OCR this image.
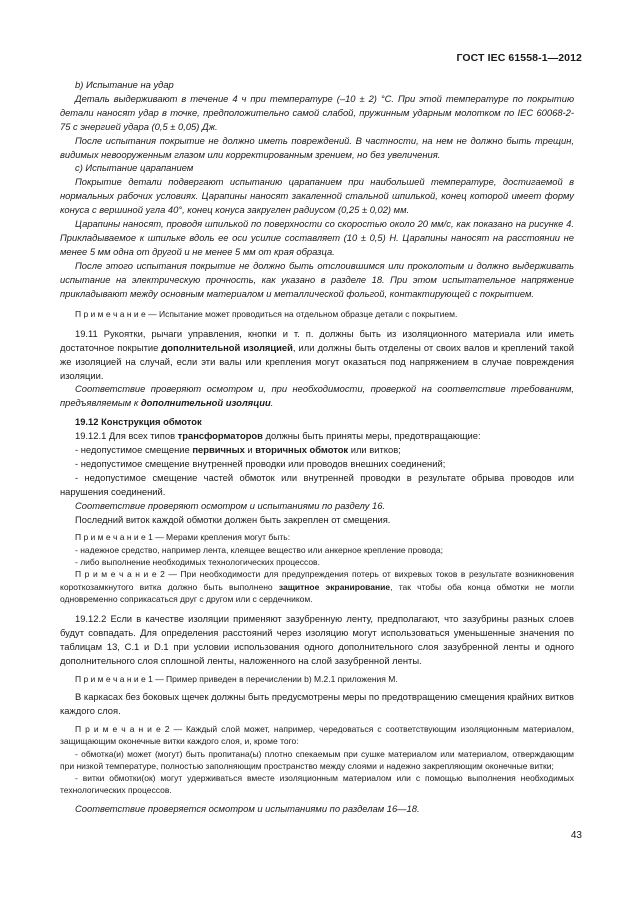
ГОСТ IEC 61558-1—2012

b) Испытание на удар

Деталь выдерживают в течение 4 ч при температуре (–10 ± 2) °С. При этой температуре по покрытию детали наносят удар в точке, предположительно самой слабой, пружинным ударным молотком по IEC 60068-2-75 с энергией удара (0,5 ± 0,05) Дж.

После испытания покрытие не должно иметь повреждений. В частности, на нем не должно быть трещин, видимых невооруженным глазом или корректированным зрением, но без увеличения.

c) Испытание царапанием

Покрытие детали подвергают испытанию царапанием при наибольшей температуре, достигаемой в нормальных рабочих условиях. Царапины наносят закаленной стальной шпилькой, конец которой имеет форму конуса с вершиной угла 40°, конец конуса закруглен радиусом (0,25 ± 0,02) мм.

Царапины наносят, проводя шпилькой по поверхности со скоростью около 20 мм/с, как показано на рисунке 4. Прикладываемое к шпильке вдоль ее оси усилие составляет (10 ± 0,5) Н. Царапины наносят на расстоянии не менее 5 мм одна от другой и не менее 5 мм от края образца.

После этого испытания покрытие не должно быть отслоившимся или проколотым и должно выдерживать испытание на электрическую прочность, как указано в разделе 18. При этом испытательное напряжение прикладывают между основным материалом и металлической фольгой, контактирующей с покрытием.

П р и м е ч а н и е — Испытание может проводиться на отдельном образце детали с покрытием.

19.11 Рукоятки, рычаги управления, кнопки и т. п. должны быть из изоляционного материала или иметь достаточное покрытие дополнительной изоляцией, или должны быть отделены от своих валов и креплений такой же изоляцией на случай, если эти валы или крепления могут оказаться под напряжением в случае повреждения изоляции.

Соответствие проверяют осмотром и, при необходимости, проверкой на соответствие требованиям, предъявляемым к дополнительной изоляции.

19.12 Конструкция обмоток

19.12.1 Для всех типов трансформаторов должны быть приняты меры, предотвращающие:

- недопустимое смещение первичных и вторичных обмоток или витков;

- недопустимое смещение внутренней проводки или проводов внешних соединений;

- недопустимое смещение частей обмоток или внутренней проводки в результате обрыва проводов или нарушения соединений.

Соответствие проверяют осмотром и испытаниями по разделу 16.

Последний виток каждой обмотки должен быть закреплен от смещения.

П р и м е ч а н и е 1 — Мерами крепления могут быть:

- надежное средство, например лента, клеящее вещество или анкерное крепление провода;

- либо выполнение необходимых технологических процессов.

П р и м е ч а н и е 2 — При необходимости для предупреждения потерь от вихревых токов в результате возникновения короткозамкнутого витка должно быть выполнено защитное экранирование, так чтобы оба конца обмотки не могли одновременно соприкасаться друг с другом или с сердечником.

19.12.2 Если в качестве изоляции применяют зазубренную ленту, предполагают, что зазубрины разных слоев будут совпадать. Для определения расстояний через изоляцию могут использоваться уменьшенные значения по таблицам 13, С.1 и D.1 при условии использования одного дополнительного слоя зазубренной ленты и одного дополнительного слоя сплошной ленты, наложенного на слой зазубренной ленты.

П р и м е ч а н и е 1 — Пример приведен в перечислении b) М.2.1 приложения М.

В каркасах без боковых щечек должны быть предусмотрены меры по предотвращению смещения крайних витков каждого слоя.

П р и м е ч а н и е 2 — Каждый слой может, например, чередоваться с соответствующим изоляционным материалом, защищающим оконечные витки каждого слоя, и, кроме того:

- обмотка(и) может (могут) быть пропитана(ы) плотно спекаемым при сушке материалом или материалом, отверждающим при низкой температуре, полностью заполняющим пространство между слоями и надежно закрепляющим оконечные витки;

- витки обмотки(ок) могут удерживаться вместе изоляционным материалом или с помощью выполнения необходимых технологических процессов.

Соответствие проверяется осмотром и испытаниями по разделам 16—18.

43
